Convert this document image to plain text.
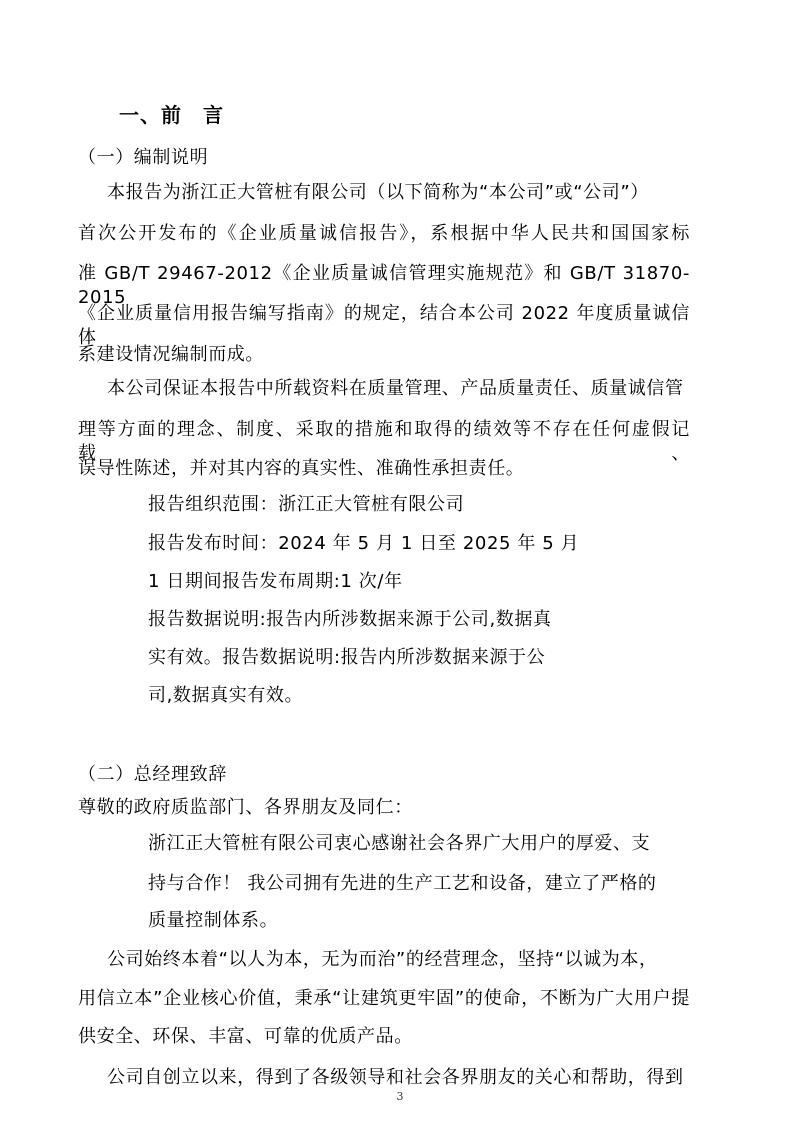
一、前　言
（一）编制说明
本报告为浙江正大管桩有限公司（以下简称为“本公司”或“公司”）
首次公开发布的《企业质量诚信报告》，系根据中华人民共和国国家标
准 GB/T 29467-2012《企业质量诚信管理实施规范》和 GB/T 31870-2015
《企业质量信用报告编写指南》的规定，结合本公司 2022 年度质量诚信体
系建设情况编制而成。
本公司保证本报告中所载资料在质量管理、产品质量责任、质量诚信管
理等方面的理念、制度、采取的措施和取得的绩效等不存在任何虚假记载、
误导性陈述，并对其内容的真实性、准确性承担责任。
报告组织范围：浙江正大管桩有限公司
报告发布时间：2024 年 5 月 1 日至 2025 年 5 月
1 日期间报告发布周期:1 次/年
报告数据说明:报告内所涉数据来源于公司,数据真
实有效。报告数据说明:报告内所涉数据来源于公
司,数据真实有效。
（二）总经理致辞
尊敬的政府质监部门、各界朋友及同仁：
浙江正大管桩有限公司衷心感谢社会各界广大用户的厚爱、支
持与合作！ 我公司拥有先进的生产工艺和设备，建立了严格的
质量控制体系。
公司始终本着“以人为本，无为而治”的经营理念，坚持“以诚为本，
用信立本”企业核心价值，秉承“让建筑更牢固”的使命，不断为广大用户提
供安全、环保、丰富、可靠的优质产品。
公司自创立以来，得到了各级领导和社会各界朋友的关心和帮助，得到
3
